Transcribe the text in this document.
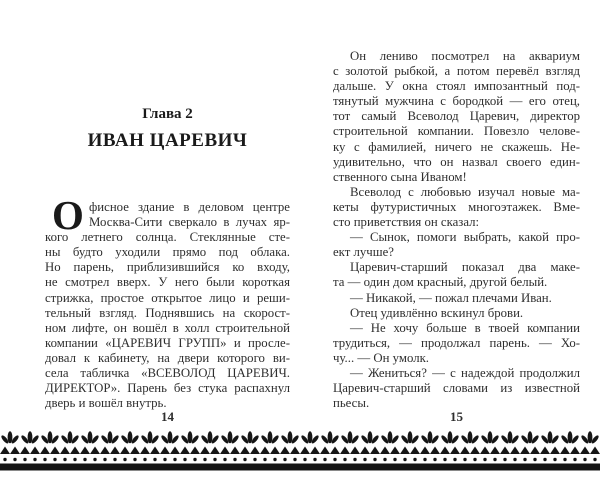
Глава 2
ИВАН ЦАРЕВИЧ
О фисное здание в деловом центре
Москва-Сити сверкало в лучах яр-
кого летнего солнца. Стеклянные сте-
ны будто уходили прямо под облака.
Но парень, приблизившийся ко входу,
не смотрел вверх. У него были короткая
стрижка, простое открытое лицо и реши-
тельный взгляд. Поднявшись на скорост-
ном лифте, он вошёл в холл строительной
компании «ЦАРЕВИЧ ГРУПП» и просле-
довал к кабинету, на двери которого ви-
села табличка «ВСЕВОЛОД ЦАРЕВИЧ.
ДИРЕКТОР». Парень без стука распахнул
дверь и вошёл внутрь.
14
Он лениво посмотрел на аквариум
с золотой рыбкой, а потом перевёл взгляд
дальше. У окна стоял импозантный под-
тянутый мужчина с бородкой — его отец,
тот самый Всеволод Царевич, директор
строительной компании. Повезло челове-
ку с фамилией, ничего не скажешь. Не-
удивительно, что он назвал своего един-
ственного сына Иваном!
Всеволод с любовью изучал новые ма-
кеты футуристичных многоэтажек. Вме-
сто приветствия он сказал:
— Сынок, помоги выбрать, какой про-
ект лучше?
Царевич-старший показал два маке-
та — один дом красный, другой белый.
— Никакой, — пожал плечами Иван.
Отец удивлённо вскинул брови.
— Не хочу больше в твоей компании
трудиться, — продолжал парень. — Хо-
чу... — Он умолк.
— Жениться? — с надеждой продолжил
Царевич-старший словами из известной
пьесы.
15
